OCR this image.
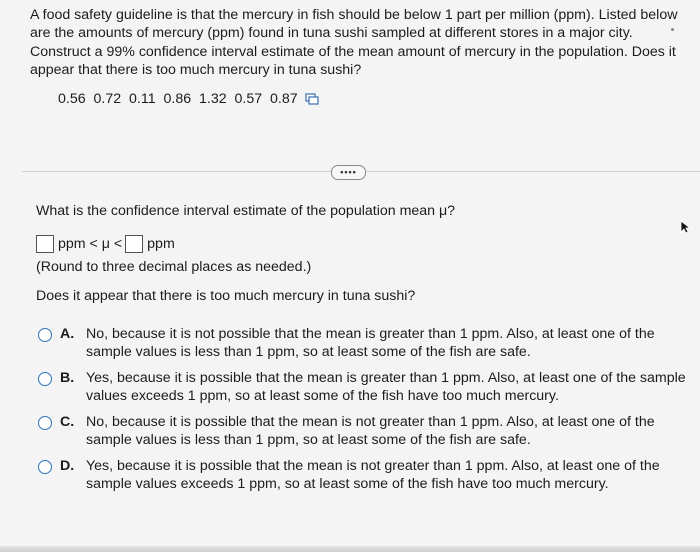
A food safety guideline is that the mercury in fish should be below 1 part per million (ppm). Listed below are the amounts of mercury (ppm) found in tuna sushi sampled at different stores in a major city. Construct a 99% confidence interval estimate of the mean amount of mercury in the population. Does it appear that there is too much mercury in tuna sushi?
0.56 0.72 0.11 0.86 1.32 0.57 0.87
••••
What is the confidence interval estimate of the population mean μ?
ppm < μ < ppm
(Round to three decimal places as needed.)
Does it appear that there is too much mercury in tuna sushi?
A. No, because it is not possible that the mean is greater than 1 ppm. Also, at least one of the sample values is less than 1 ppm, so at least some of the fish are safe.
B. Yes, because it is possible that the mean is greater than 1 ppm. Also, at least one of the sample values exceeds 1 ppm, so at least some of the fish have too much mercury.
C. No, because it is possible that the mean is not greater than 1 ppm. Also, at least one of the sample values is less than 1 ppm, so at least some of the fish are safe.
D. Yes, because it is possible that the mean is not greater than 1 ppm. Also, at least one of the sample values exceeds 1 ppm, so at least some of the fish have too much mercury.
